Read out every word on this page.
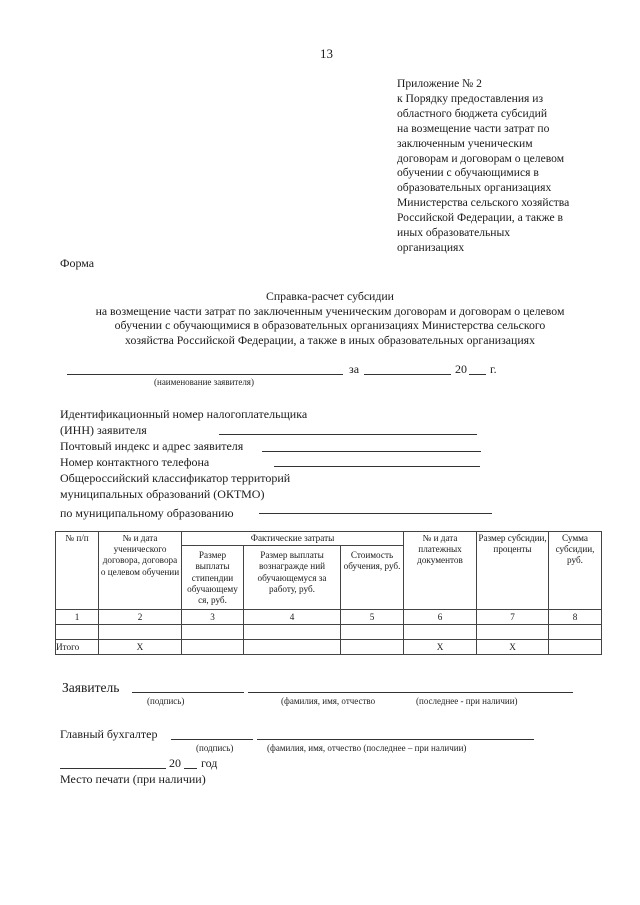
13
Приложение № 2
к Порядку предоставления из
областного бюджета субсидий
на возмещение части затрат по
заключенным ученическим
договорам и договорам о целевом
обучении с обучающимися в
образовательных организациях
Министерства сельского хозяйства
Российской Федерации, а также в
иных образовательных
организациях
Форма
Справка-расчет субсидии
на возмещение части затрат по заключенным ученическим договорам и договорам о целевом
обучении с обучающимися в образовательных организациях Министерства сельского
хозяйства Российской Федерации, а также в иных образовательных организациях
за	20 г.
(наименование заявителя)
Идентификационный номер налогоплательщика
(ИНН) заявителя
Почтовый индекс и адрес заявителя
Номер контактного телефона
Общероссийский классификатор территорий
муниципальных образований (ОКТМО)
по муниципальному образованию
№ п/п	№ и дата ученического договора, договора о целевом обучении	Фактические затраты			№ и дата платежных документов	Размер субсидии, проценты	Сумма субсидии, руб.
		Размер выплаты стипендии обучающему ся, руб.	Размер выплаты вознагражде ний обучающемуся за работу, руб.	Стоимость обучения, руб.			
1	2	3	4	5	6	7	8

Итого	Х				Х	Х	
Заявитель
(подпись)	(фамилия, имя, отчество	(последнее - при наличии)
Главный бухгалтер
(подпись)	(фамилия, имя, отчество (последнее – при наличии)
20 год
Место печати (при наличии)
